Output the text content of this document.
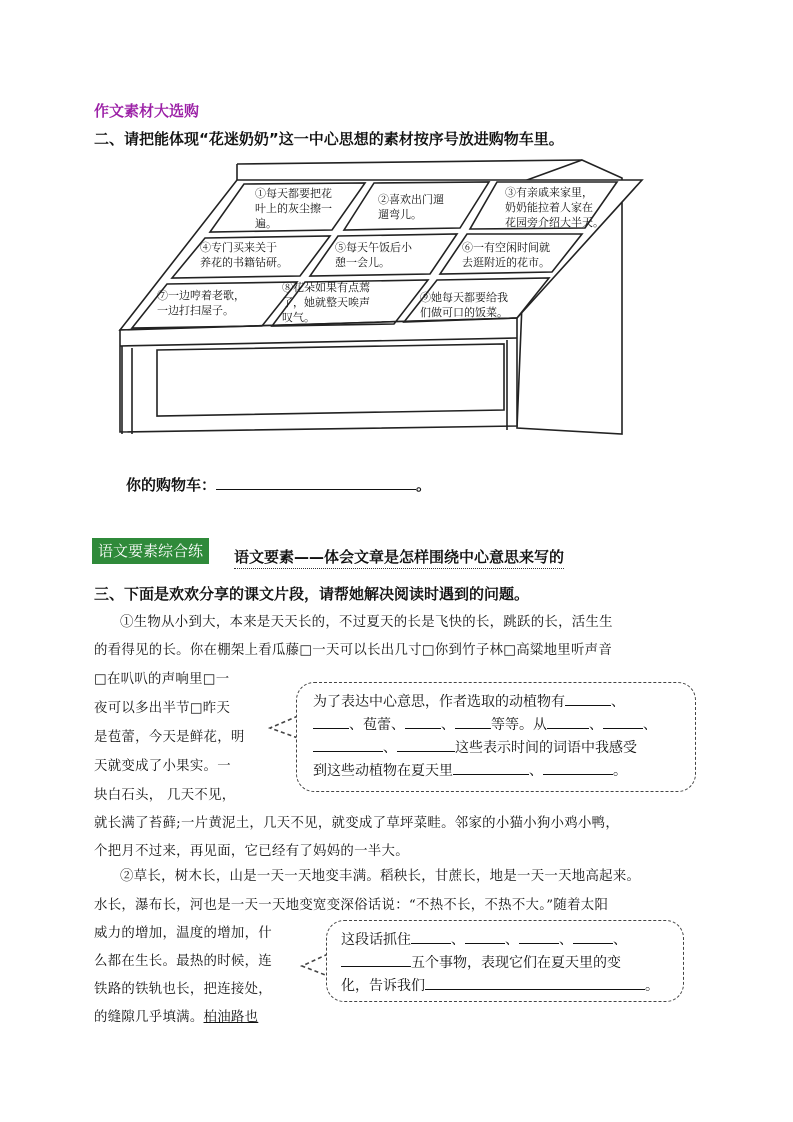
作文素材大选购
二、请把能体现“花迷奶奶”这一中心思想的素材按序号放进购物车里。
①每天都要把花
叶上的灰尘擦一
遍。
②喜欢出门遛
遛弯儿。
③有亲戚来家里，
奶奶能拉着人家在
花园旁介绍大半天。
④专门买来关于
养花的书籍钻研。
⑤每天午饭后小
憩一会儿。
⑥一有空闲时间就
去逛附近的花市。
⑦一边哼着老歌，
一边打扫屋子。
⑧花朵如果有点蔫
了，她就整天唉声
叹气。
⑨她每天都要给我
们做可口的饭菜。
你的购物车：	。
语文要素综合练	语文要素——体会文章是怎样围绕中心意思来写的
三、下面是欢欢分享的课文片段，请帮她解决阅读时遇到的问题。
①生物从小到大，本来是天天长的，不过夏天的长是飞快的长，跳跃的长，活生生
的看得见的长。你在棚架上看瓜藤□一天可以长出几寸□你到竹子林□高粱地里听声音
□在叭叭的声响里□一
夜可以多出半节□昨天
是苞蕾，今天是鲜花，明
天就变成了小果实。一
块白石头， 几天不见，
就长满了苔藓;一片黄泥土，几天不见，就变成了草坪菜畦。邻家的小猫小狗小鸡小鸭，
个把月不过来，再见面，它已经有了妈妈的一半大。
为了表达中心意思，作者选取的动植物有	、
、苞蕾、	、	等等。从	、	、
、	这些表示时间的词语中我感受
到这些动植物在夏天里	、	。
②草长，树木长，山是一天一天地变丰满。稻秧长，甘蔗长，地是一天一天地高起来。
水长，瀑布长，河也是一天一天地变宽变深俗话说：“不热不长，不热不大。”随着太阳
威力的增加，温度的增加，什
么都在生长。最热的时候，连
铁路的铁轨也长，把连接处，
的缝隙几乎填满。柏油路也
这段话抓住	、	、	、	、
五个事物，表现它们在夏天里的变
化，告诉我们	。
